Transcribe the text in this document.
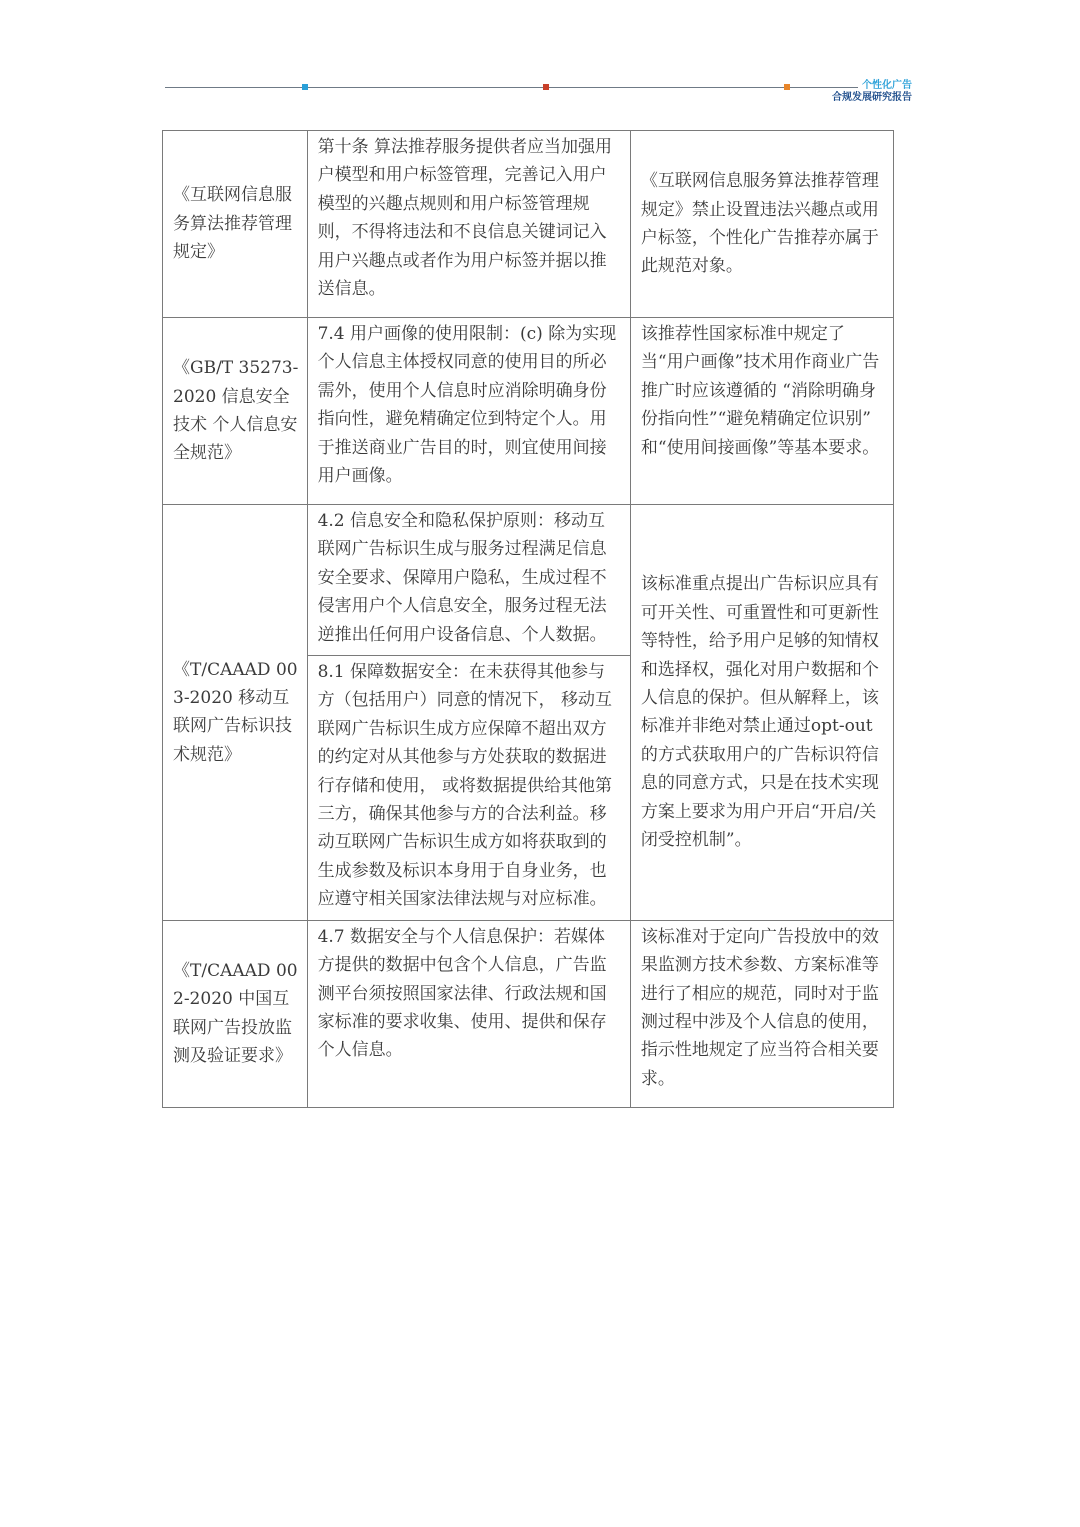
个性化广告
合规发展研究报告
《互联网信息服务算法推荐管理规定》	第十条 算法推荐服务提供者应当加强用户模型和用户标签管理，完善记入用户模型的兴趣点规则和用户标签管理规则，不得将违法和不良信息关键词记入用户兴趣点或者作为用户标签并据以推送信息。	《互联网信息服务算法推荐管理规定》禁止设置违法兴趣点或用户标签，个性化广告推荐亦属于此规范对象。
《GB/T 35273-2020 信息安全技术 个人信息安全规范》	7.4 用户画像的使用限制：(c) 除为实现个人信息主体授权同意的使用目的所必需外，使用个人信息时应消除明确身份指向性，避免精确定位到特定个人。用于推送商业广告目的时，则宜使用间接用户画像。	该推荐性国家标准中规定了当“用户画像”技术用作商业广告推广时应该遵循的 “消除明确身份指向性”“避免精确定位识别” 和“使用间接画像”等基本要求。
《T/CAAAD 003-2020 移动互联网广告标识技术规范》	4.2 信息安全和隐私保护原则：移动互联网广告标识生成与服务过程满足信息安全要求、保障用户隐私，生成过程不侵害用户个人信息安全，服务过程无法逆推出任何用户设备信息、个人数据。
8.1 保障数据安全：在未获得其他参与方（包括用户）同意的情况下， 移动互联网广告标识生成方应保障不超出双方的约定对从其他参与方处获取的数据进行存储和使用， 或将数据提供给其他第三方，确保其他参与方的合法利益。移动互联网广告标识生成方如将获取到的生成参数及标识本身用于自身业务，也应遵守相关国家法律法规与对应标准。	该标准重点提出广告标识应具有可开关性、可重置性和可更新性等特性，给予用户足够的知情权和选择权，强化对用户数据和个人信息的保护。但从解释上，该标准并非绝对禁止通过opt-out 的方式获取用户的广告标识符信息的同意方式，只是在技术实现方案上要求为用户开启“开启/关闭受控机制”。
《T/CAAAD 002-2020 中国互联网广告投放监测及验证要求》	4.7 数据安全与个人信息保护：若媒体方提供的数据中包含个人信息，广告监测平台须按照国家法律、行政法规和国家标准的要求收集、使用、提供和保存个人信息。	该标准对于定向广告投放中的效果监测方技术参数、方案标准等进行了相应的规范，同时对于监测过程中涉及个人信息的使用，指示性地规定了应当符合相关要求。
